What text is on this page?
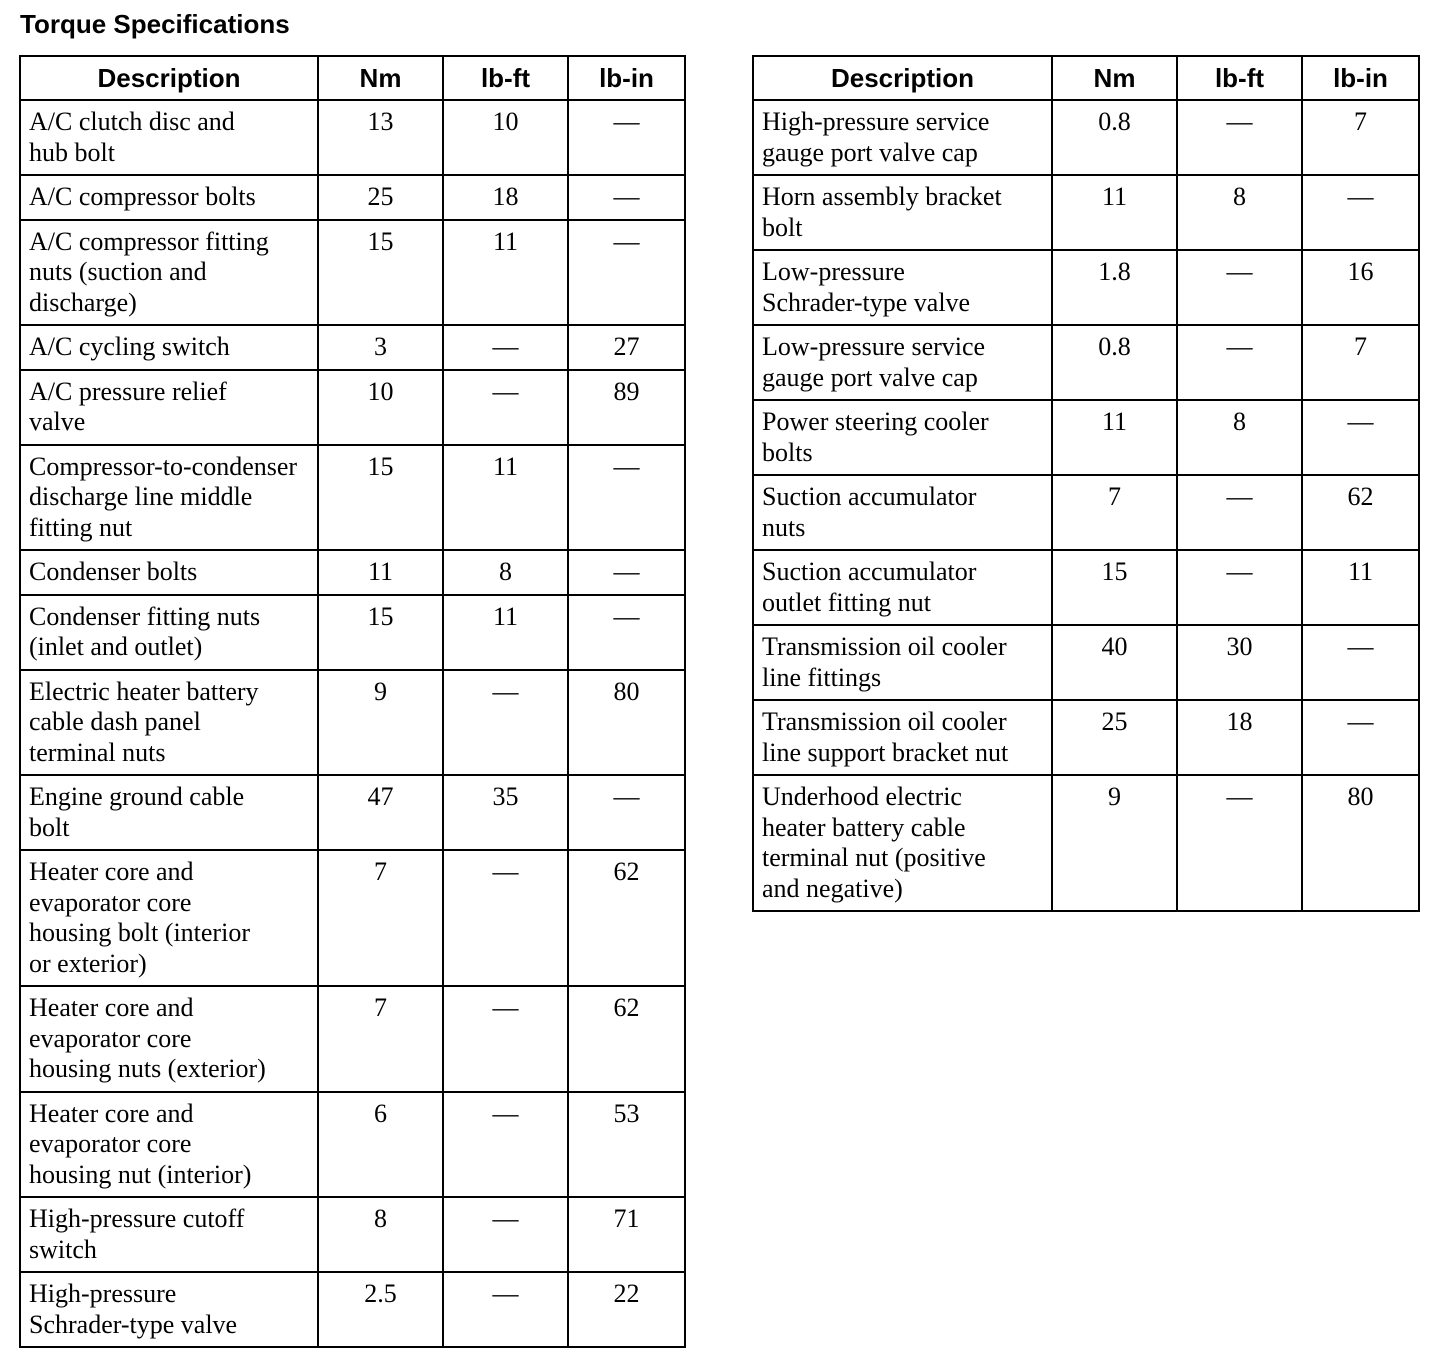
Torque Specifications
Description	Nm	lb-ft	lb-in

A/C clutch disc and
hub bolt	13	10	—

A/C compressor bolts	25	18	—

A/C compressor fitting
nuts (suction and
discharge)	15	11	—

A/C cycling switch	3	—	27

A/C pressure relief
valve	10	—	89

Compressor-to-condenser
discharge line middle
fitting nut	15	11	—

Condenser bolts	11	8	—

Condenser fitting nuts
(inlet and outlet)	15	11	—

Electric heater battery
cable dash panel
terminal nuts	9	—	80

Engine ground cable
bolt	47	35	—

Heater core and
evaporator core
housing bolt (interior
or exterior)	7	—	62

Heater core and
evaporator core
housing nuts (exterior)	7	—	62

Heater core and
evaporator core
housing nut (interior)	6	—	53

High-pressure cutoff
switch	8	—	71

High-pressure
Schrader-type valve	2.5	—	22
Description	Nm	lb-ft	lb-in

High-pressure service
gauge port valve cap	0.8	—	7

Horn assembly bracket
bolt	11	8	—

Low-pressure
Schrader-type valve	1.8	—	16

Low-pressure service
gauge port valve cap	0.8	—	7

Power steering cooler
bolts	11	8	—

Suction accumulator
nuts	7	—	62

Suction accumulator
outlet fitting nut	15	—	11

Transmission oil cooler
line fittings	40	30	—

Transmission oil cooler
line support bracket nut	25	18	—

Underhood electric
heater battery cable
terminal nut (positive
and negative)	9	—	80
